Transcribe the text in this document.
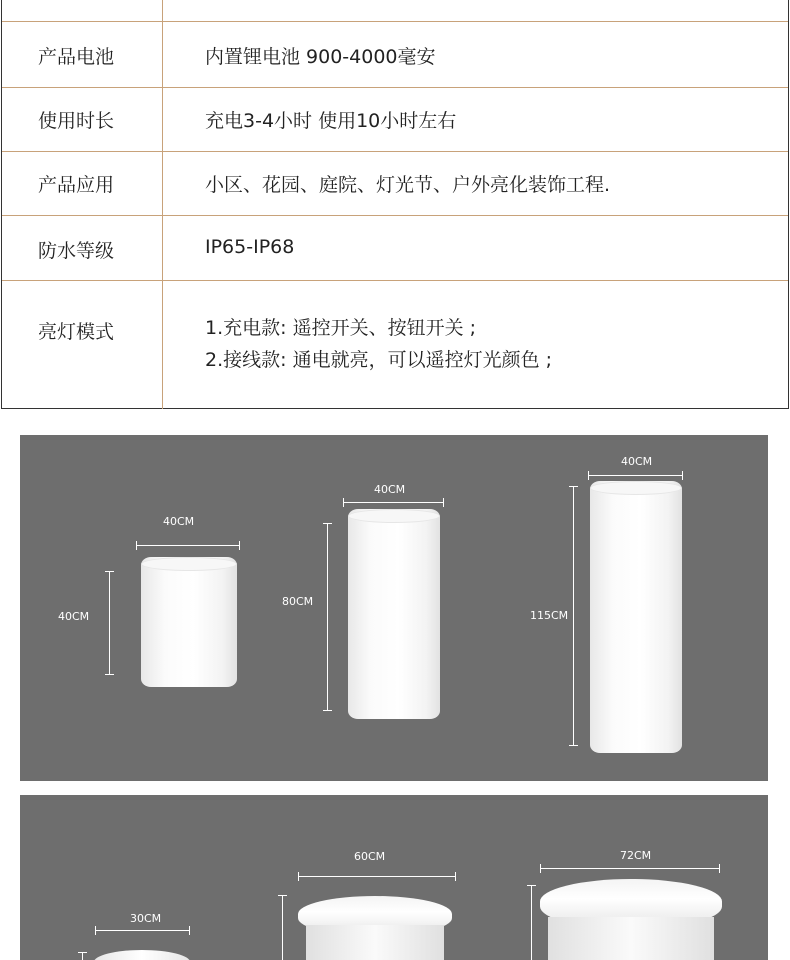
产品电池	内置锂电池 900-4000毫安
使用时长	充电3-4小时 使用10小时左右
产品应用	小区、花园、庭院、灯光节、户外亮化装饰工程.
防水等级	IP65-IP68
亮灯模式	1.充电款: 遥控开关、按钮开关 ;
2.接线款: 通电就亮，可以遥控灯光颜色 ;
40CM
40CM
40CM
80CM
40CM
115CM
30CM
60CM	72CM
